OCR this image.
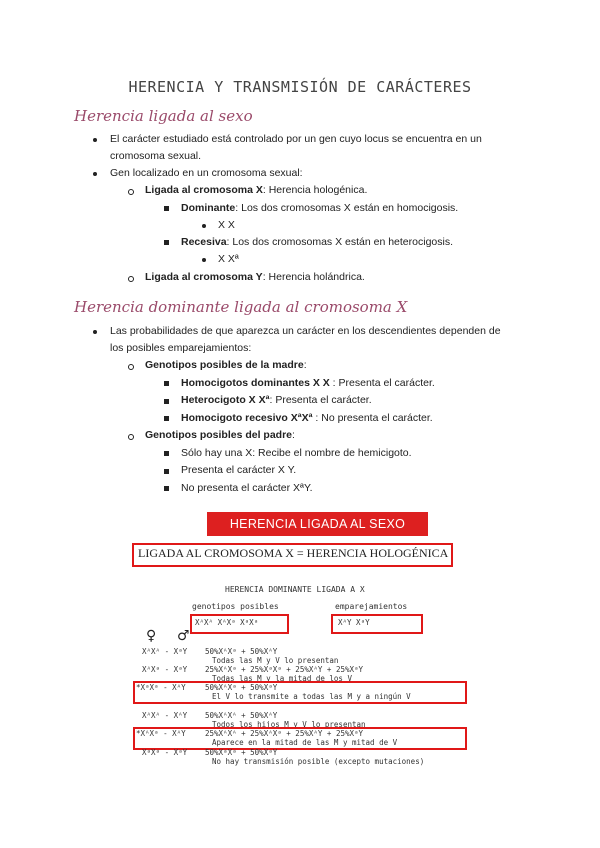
HERENCIA Y TRANSMISIÓN DE CARÁCTERES
Herencia ligada al sexo
El carácter estudiado está controlado por un gen cuyo locus se encuentra en un
cromosoma sexual.
Gen localizado en un cromosoma sexual:
Ligada al cromosoma X: Herencia hologénica.
Dominante: Los dos cromosomas X están en homocigosis.
X X
Recesiva: Los dos cromosomas X están en heterocigosis.
X Xª
Ligada al cromosoma Y: Herencia holándrica.
Herencia dominante ligada al cromosoma X
Las probabilidades de que aparezca un carácter en los descendientes dependen de
los posibles emparejamientos:
Genotipos posibles de la madre:
Homocigotos dominantes X X : Presenta el carácter.
Heterocigoto X Xª: Presenta el carácter.
Homocigoto recesivo XªXª : No presenta el carácter.
Genotipos posibles del padre:
Sólo hay una X: Recibe el nombre de hemicigoto.
Presenta el carácter X Y.
No presenta el carácter XªY.
HERENCIA LIGADA AL SEXO
LIGADA AL CROMOSOMA X = HERENCIA HOLOGÉNICA
HERENCIA DOMINANTE LIGADA A X
genotipos posibles	emparejamientos
XᴬXᴬ XᴬXᵃ XᵃXᵃ	XᴬY XᵃY
♀ ♂
XᴬXᴬ - XᵃY 50%XᴬXᵃ + 50%XᴬY
Todas las M y V lo presentan
XᴬXᵃ - XᵃY 25%XᴬXᵃ + 25%XᵃXᵃ + 25%XᴬY + 25%XᵃY
Todas las M y la mitad de los V
*XᵃXᵃ - XᴬY	50%XᴬXᵃ + 50%XᵃY
El V lo transmite a todas las M y a ningún V
XᴬXᴬ - XᴬY 50%XᴬXᴬ + 50%XᴬY
Todos los hijos M y V lo presentan
*XᴬXᵃ - XᴬY	25%XᴬXᴬ + 25%XᴬXᵃ + 25%XᴬY + 25%XᵃY
Aparece en la mitad de las M y mitad de V
XᵃXᵃ - XᵃY 50%XᵃXᵃ + 50%XᵃY
No hay transmisión posible (excepto mutaciones)
